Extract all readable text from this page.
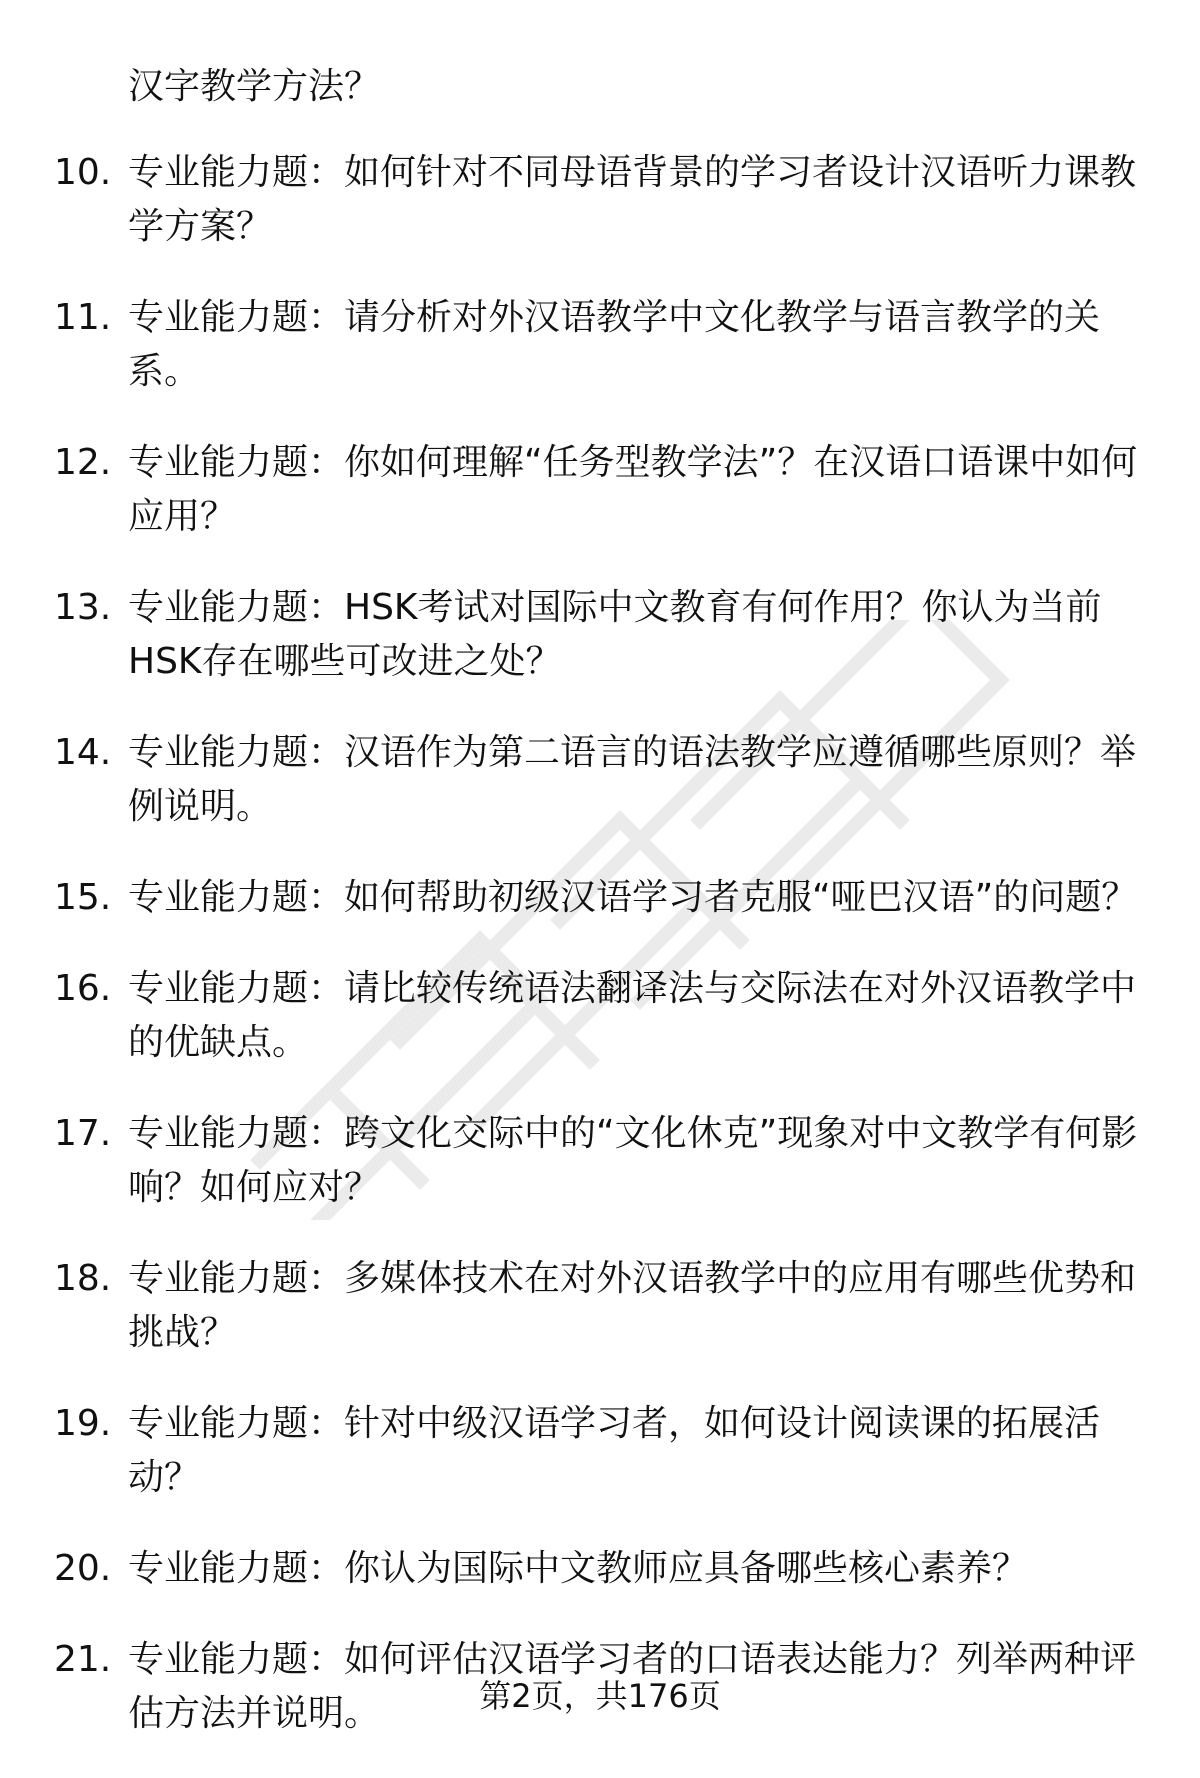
汉字教学方法？

10. 专业能力题：如何针对不同母语背景的学习者设计汉语听力课教学方案？
11. 专业能力题：请分析对外汉语教学中文化教学与语言教学的关系。
12. 专业能力题：你如何理解“任务型教学法”？在汉语口语课中如何应用？
13. 专业能力题：HSK考试对国际中文教育有何作用？你认为当前HSK存在哪些可改进之处？
14. 专业能力题：汉语作为第二语言的语法教学应遵循哪些原则？举例说明。
15. 专业能力题：如何帮助初级汉语学习者克服“哑巴汉语”的问题？
16. 专业能力题：请比较传统语法翻译法与交际法在对外汉语教学中的优缺点。
17. 专业能力题：跨文化交际中的“文化休克”现象对中文教学有何影响？如何应对？
18. 专业能力题：多媒体技术在对外汉语教学中的应用有哪些优势和挑战？
19. 专业能力题：针对中级汉语学习者，如何设计阅读课的拓展活动？
20. 专业能力题：你认为国际中文教师应具备哪些核心素养？
21. 专业能力题：如何评估汉语学习者的口语表达能力？列举两种评估方法并说明。	第2页，共176页
